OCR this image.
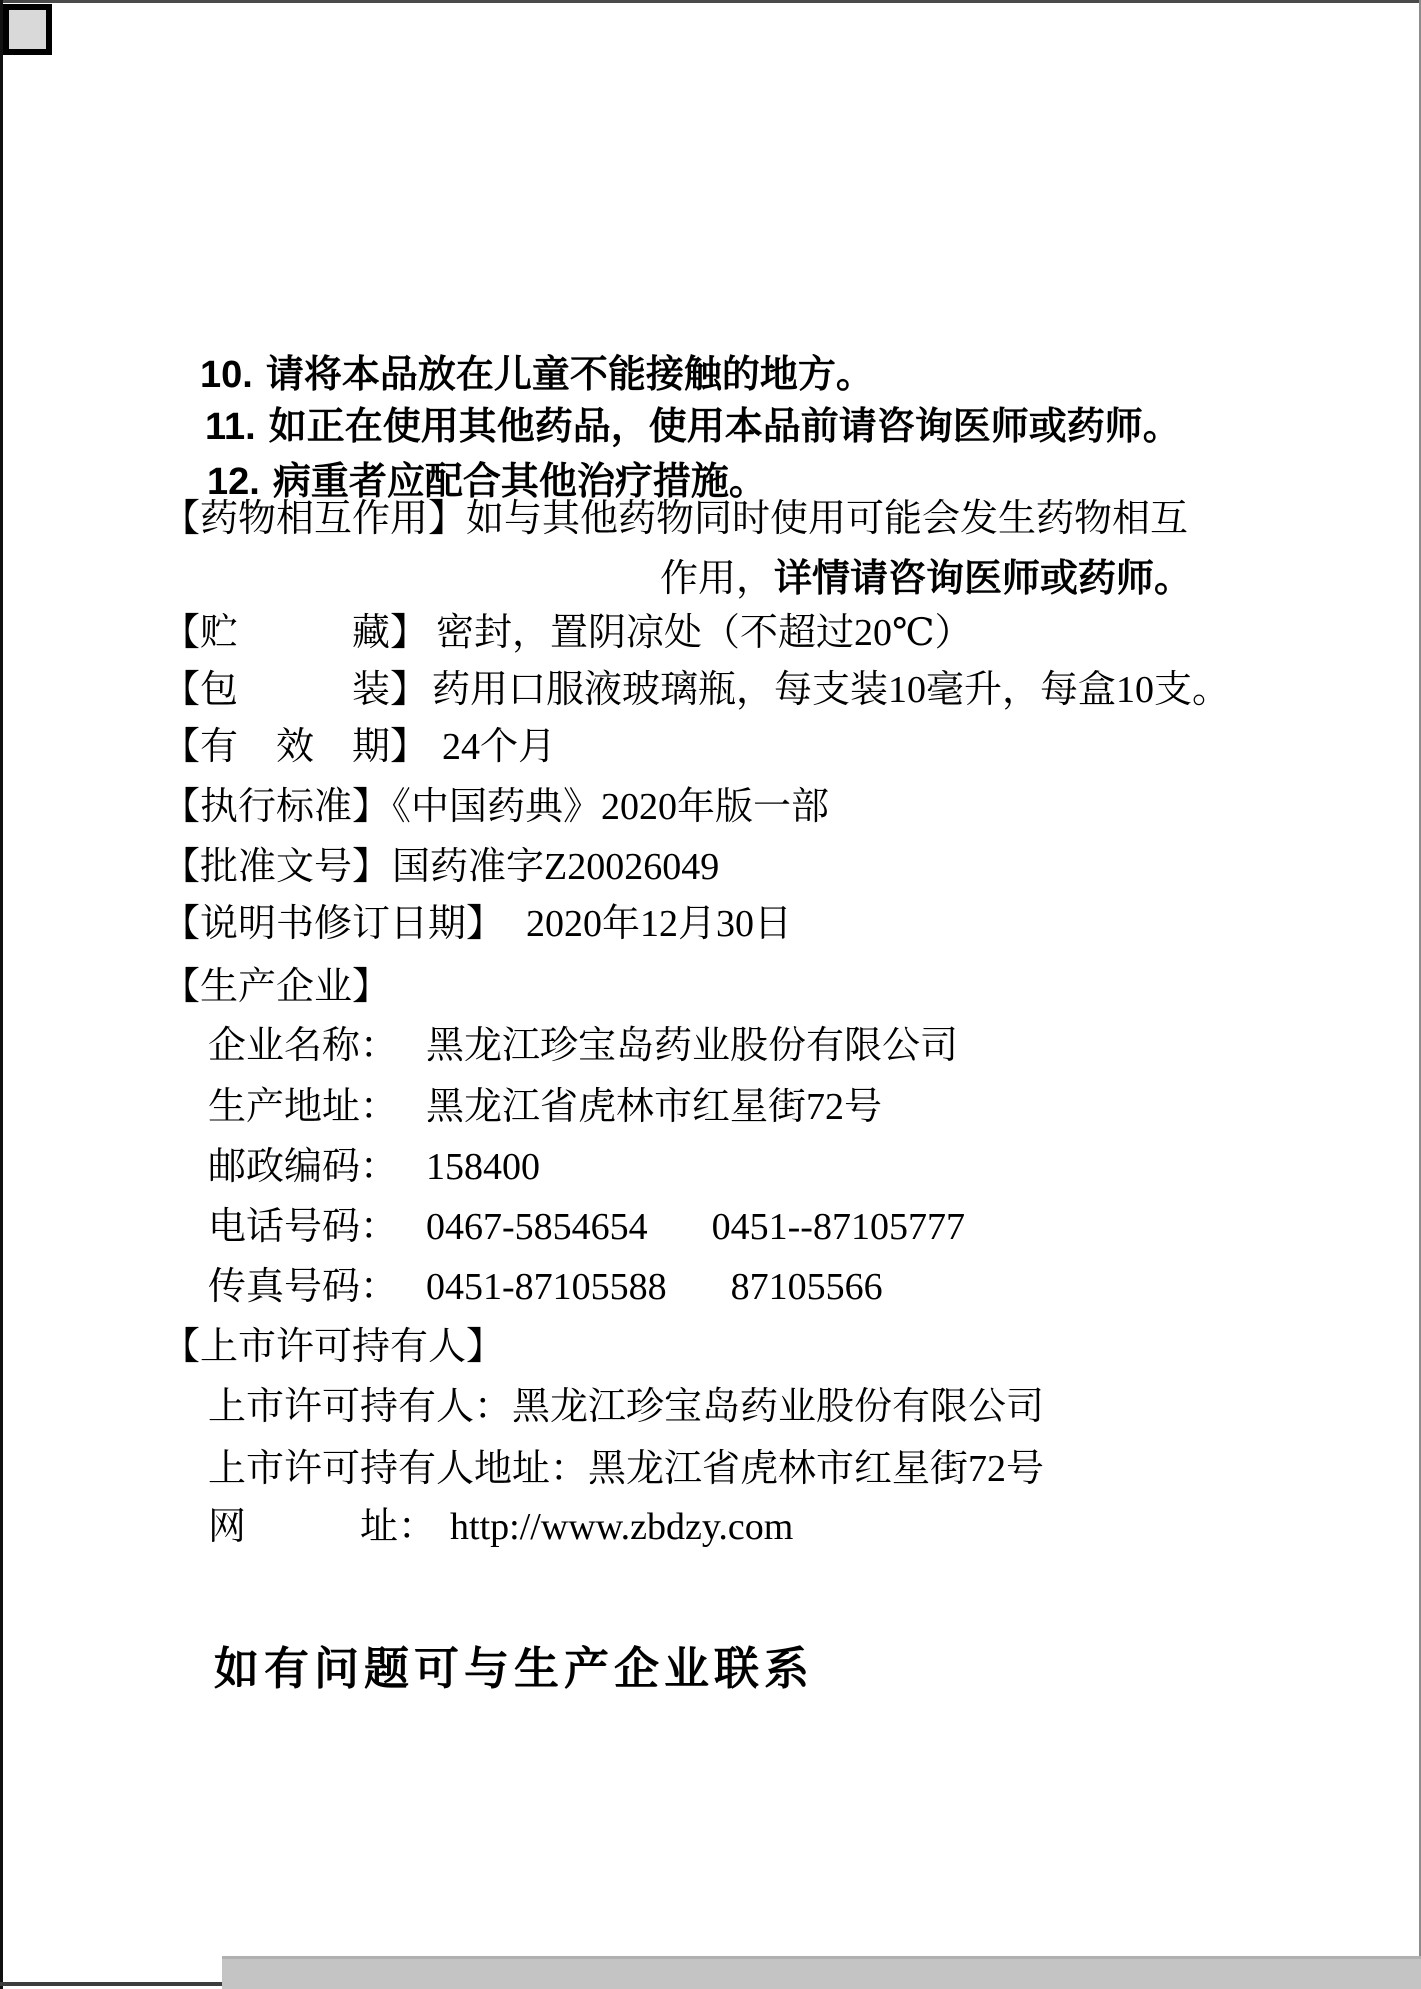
10. 请将本品放在儿童不能接触的地方。
11. 如正在使用其他药品，使用本品前请咨询医师或药师。
12. 病重者应配合其他治疗措施。
【药物相互作用】如与其他药物同时使用可能会发生药物相互
作用，详情请咨询医师或药师。
【贮　　　藏】 密封，置阴凉处（不超过20℃）
【包　　　装】 药用口服液玻璃瓶，每支装10毫升，每盒10支。
【有　效　期】 24个月
【执行标准】《中国药典》2020年版一部
【批准文号】国药准字Z20026049
【说明书修订日期】 2020年12月30日
【生产企业】
企业名称： 黑龙江珍宝岛药业股份有限公司
生产地址： 黑龙江省虎林市红星街72号
邮政编码： 158400
电话号码： 0467-5854654 0451--87105777
传真号码： 0451-87105588 87105566
【上市许可持有人】
上市许可持有人：黑龙江珍宝岛药业股份有限公司
上市许可持有人地址：黑龙江省虎林市红星街72号
网　　　址： http://www.zbdzy.com
如有问题可与生产企业联系
